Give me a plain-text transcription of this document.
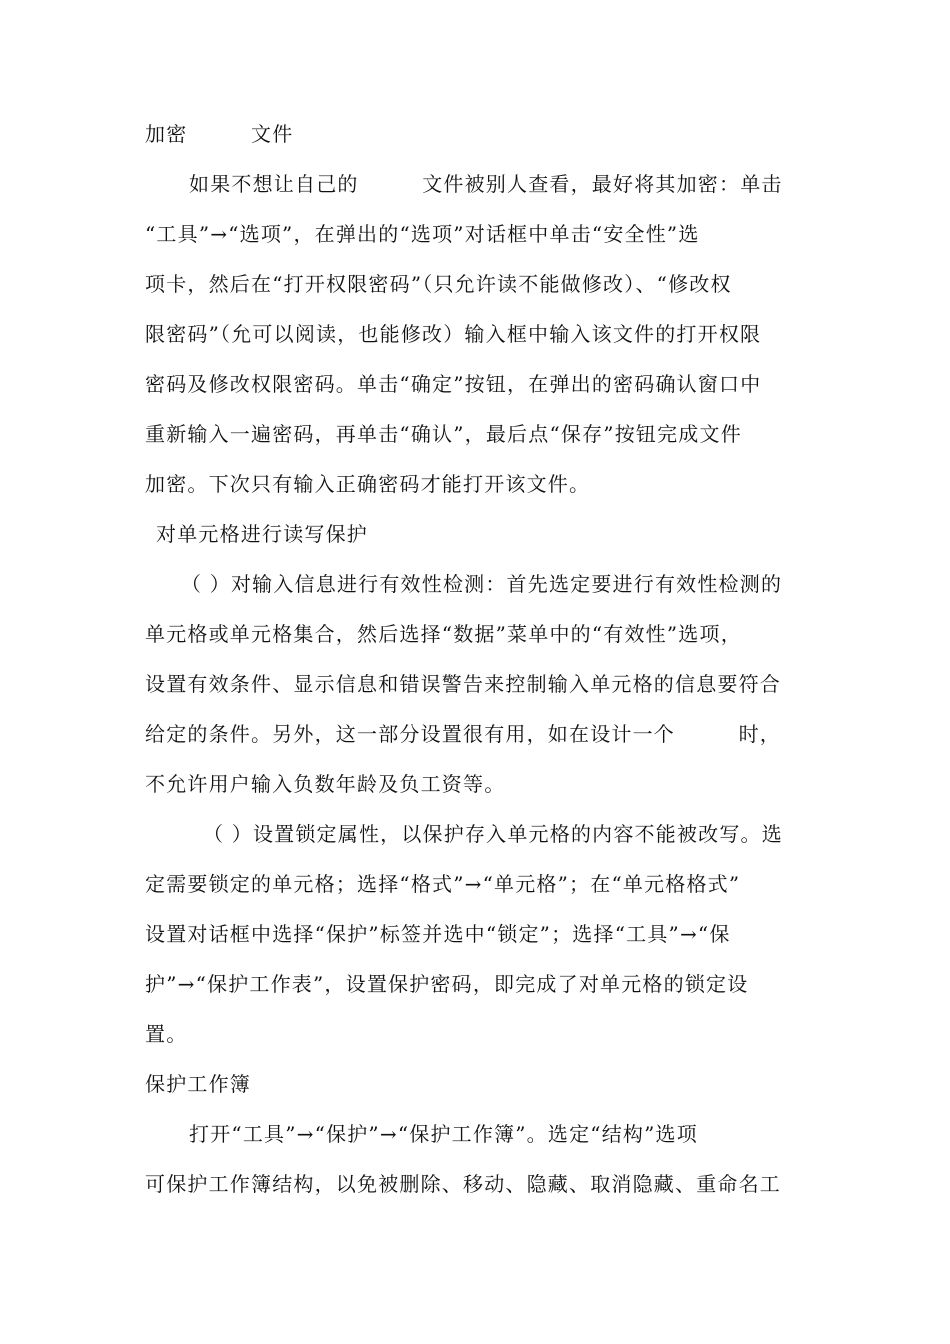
加密　　　文件
如果不想让自己的　　　文件被别人查看，最好将其加密：单击
“工具”→“选项”，在弹出的“选项”对话框中单击“安全性”选
项卡，然后在“打开权限密码”（只允许读不能做修改）、“修改权
限密码”（允可以阅读，也能修改）输入框中输入该文件的打开权限
密码及修改权限密码。单击“确定”按钮，在弹出的密码确认窗口中
重新输入一遍密码，再单击“确认”，最后点“保存”按钮完成文件
加密。下次只有输入正确密码才能打开该文件。
对单元格进行读写保护
（ ）对输入信息进行有效性检测：首先选定要进行有效性检测的
单元格或单元格集合，然后选择“数据”菜单中的“有效性”选项，
设置有效条件、显示信息和错误警告来控制输入单元格的信息要符合
给定的条件。另外，这一部分设置很有用，如在设计一个　　　时，
不允许用户输入负数年龄及负工资等。
（ ）设置锁定属性，以保护存入单元格的内容不能被改写。选
定需要锁定的单元格；选择“格式”→“单元格”；在“单元格格式”
设置对话框中选择“保护”标签并选中“锁定”；选择“工具”→“保
护”→“保护工作表”，设置保护密码，即完成了对单元格的锁定设
置。
保护工作簿
打开“工具”→“保护”→“保护工作簿”。选定“结构”选项
可保护工作簿结构，以免被删除、移动、隐藏、取消隐藏、重命名工
